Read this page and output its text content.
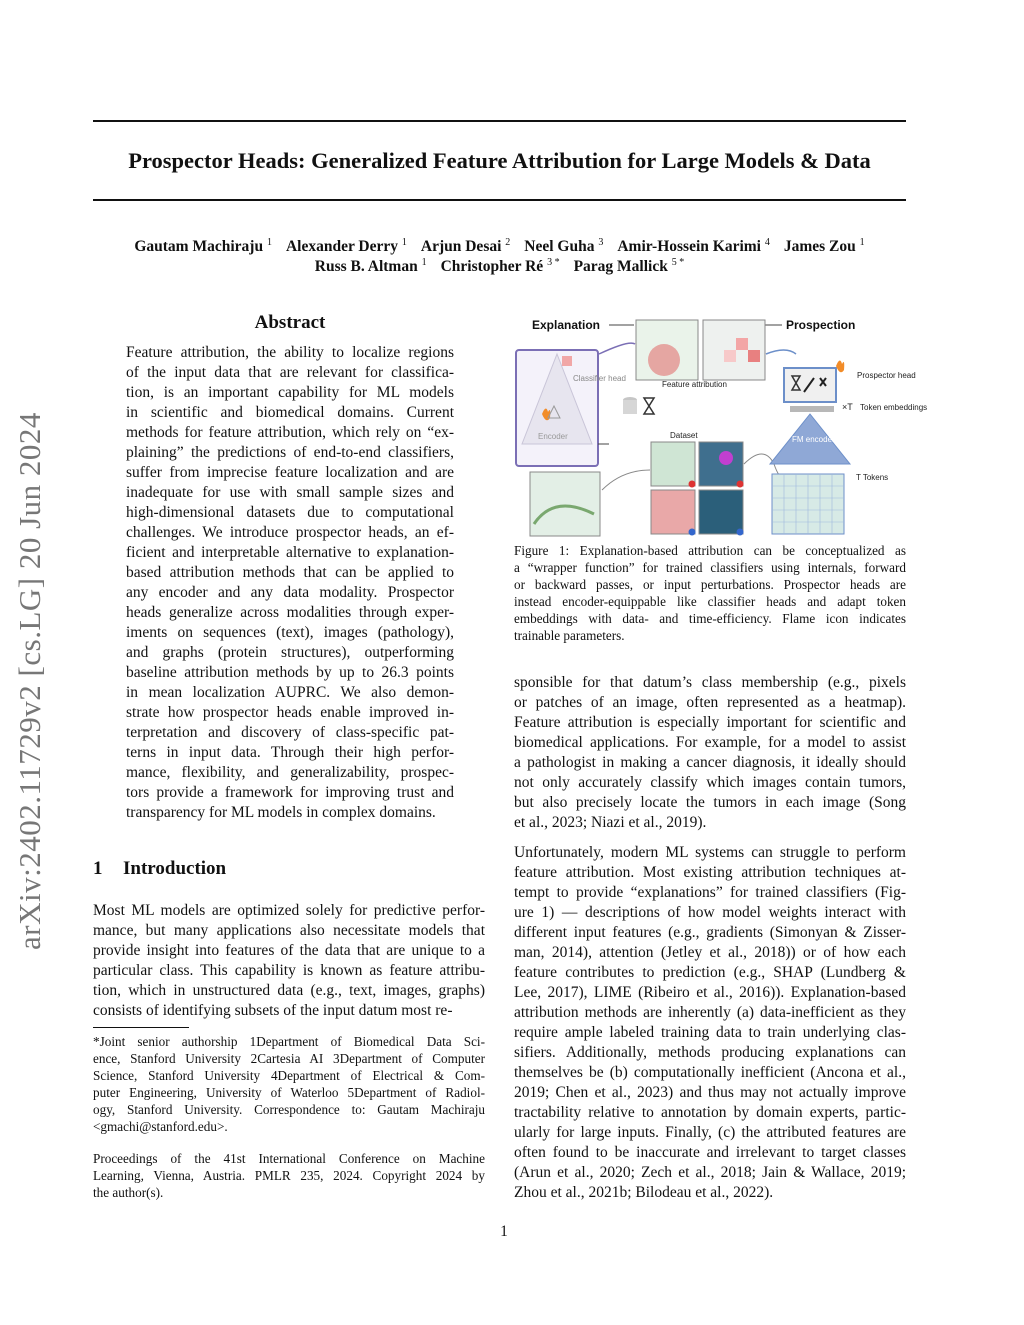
Prospector Heads: Generalized Feature Attribution for Large Models & Data
Gautam Machiraju $^1$ Alexander Derry $^1$ Arjun Desai $^2$ Neel Guha $^3$ Amir-Hossein Karimi $^4$ James Zou $^1$
Russ B. Altman $^1$ Christopher Ré $^{3 *}$ Parag Mallick $^{5 *}$
arXiv:2402.11729v2 [cs.LG] 20 Jun 2024
Abstract
Feature attribution, the ability to localize regions
of the input data that are relevant for classifica-
tion, is an important capability for ML models
in scientific and biomedical domains. Current
methods for feature attribution, which rely on “ex-
plaining” the predictions of end-to-end classifiers,
suffer from imprecise feature localization and are
inadequate for use with small sample sizes and
high-dimensional datasets due to computational
challenges. We introduce prospector heads, an ef-
ficient and interpretable alternative to explanation-
based attribution methods that can be applied to
any encoder and any data modality. Prospector
heads generalize across modalities through exper-
iments on sequences (text), images (pathology),
and graphs (protein structures), outperforming
baseline attribution methods by up to 26.3 points
in mean localization AUPRC. We also demon-
strate how prospector heads enable improved in-
terpretation and discovery of class-specific pat-
terns in input data. Through their high perfor-
mance, flexibility, and generalizability, prospec-
tors provide a framework for improving trust and
transparency for ML models in complex domains.
1 Introduction
Most ML models are optimized solely for predictive perfor-
mance, but many applications also necessitate models that
provide insight into features of the data that are unique to a
particular class. This capability is known as feature attribu-
tion, which in unstructured data (e.g., text, images, graphs)
consists of identifying subsets of the input datum most re-
*Joint senior authorship 1Department of Biomedical Data Sci-
ence, Stanford University 2Cartesia AI 3Department of Computer
Science, Stanford University 4Department of Electrical & Com-
puter Engineering, University of Waterloo 5Department of Radiol-
ogy, Stanford University. Correspondence to: Gautam Machiraju
<gmachi@stanford.edu>.
Proceedings of the 41st International Conference on Machine
Learning, Vienna, Austria. PMLR 235, 2024. Copyright 2024 by
the author(s).
Explanation	Prospection
Classifier head
Encoder
Feature attribution
Dataset
Prospector head
×T Token embeddings
FM encoder
T Tokens
Figure 1: Explanation-based attribution can be conceptualized as
a “wrapper function” for trained classifiers using internals, forward
or backward passes, or input perturbations. Prospector heads are
instead encoder-equippable like classifier heads and adapt token
embeddings with data- and time-efficiency. Flame icon indicates
trainable parameters.
sponsible for that datum’s class membership (e.g., pixels
or patches of an image, often represented as a heatmap).
Feature attribution is especially important for scientific and
biomedical applications. For example, for a model to assist
a pathologist in making a cancer diagnosis, it ideally should
not only accurately classify which images contain tumors,
but also precisely locate the tumors in each image (Song
et al., 2023; Niazi et al., 2019).
Unfortunately, modern ML systems can struggle to perform
feature attribution. Most existing attribution techniques at-
tempt to provide “explanations” for trained classifiers (Fig-
ure 1) — descriptions of how model weights interact with
different input features (e.g., gradients (Simonyan & Zisser-
man, 2014), attention (Jetley et al., 2018)) or of how each
feature contributes to prediction (e.g., SHAP (Lundberg &
Lee, 2017), LIME (Ribeiro et al., 2016)). Explanation-based
attribution methods are inherently (a) data-inefficient as they
require ample labeled training data to train underlying clas-
sifiers. Additionally, methods producing explanations can
themselves be (b) computationally inefficient (Ancona et al.,
2019; Chen et al., 2023) and thus may not actually improve
tractability relative to annotation by domain experts, partic-
ularly for large inputs. Finally, (c) the attributed features are
often found to be inaccurate and irrelevant to target classes
(Arun et al., 2020; Zech et al., 2018; Jain & Wallace, 2019;
Zhou et al., 2021b; Bilodeau et al., 2022).
1
